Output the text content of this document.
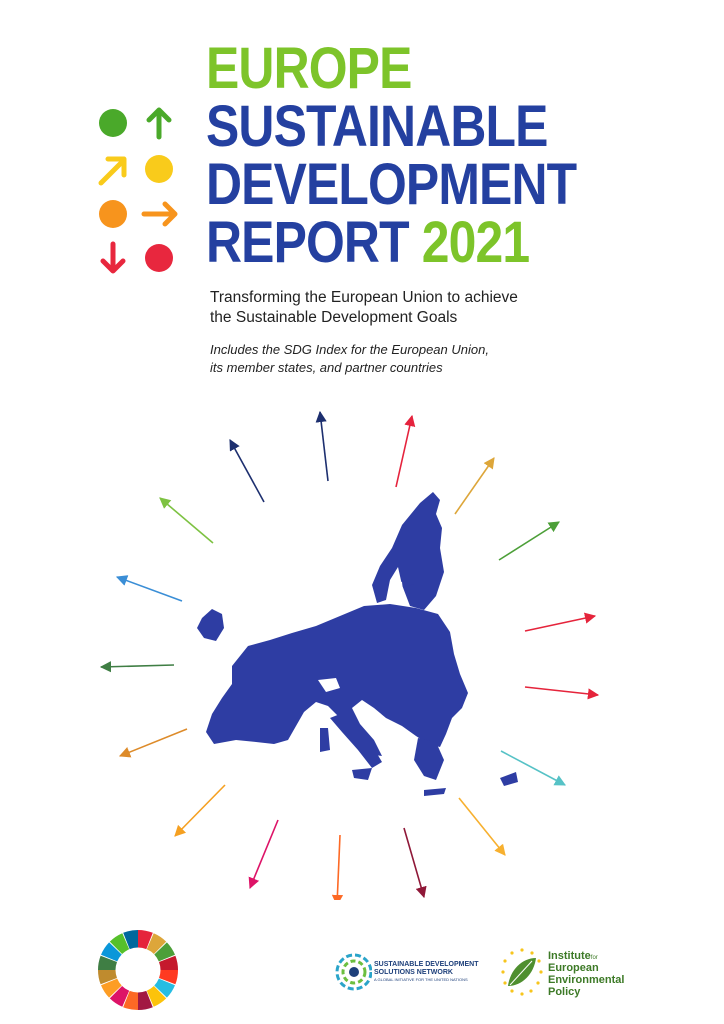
EUROPE
SUSTAINABLE
DEVELOPMENT
REPORT 2021
Transforming the European Union to achieve
the Sustainable Development Goals
Includes the SDG Index for the European Union,
its member states, and partner countries
SUSTAINABLE DEVELOPMENT
SOLUTIONS NETWORK
A GLOBAL INITIATIVE FOR THE UNITED NATIONS
Institutefor
European
Environmental
Policy
